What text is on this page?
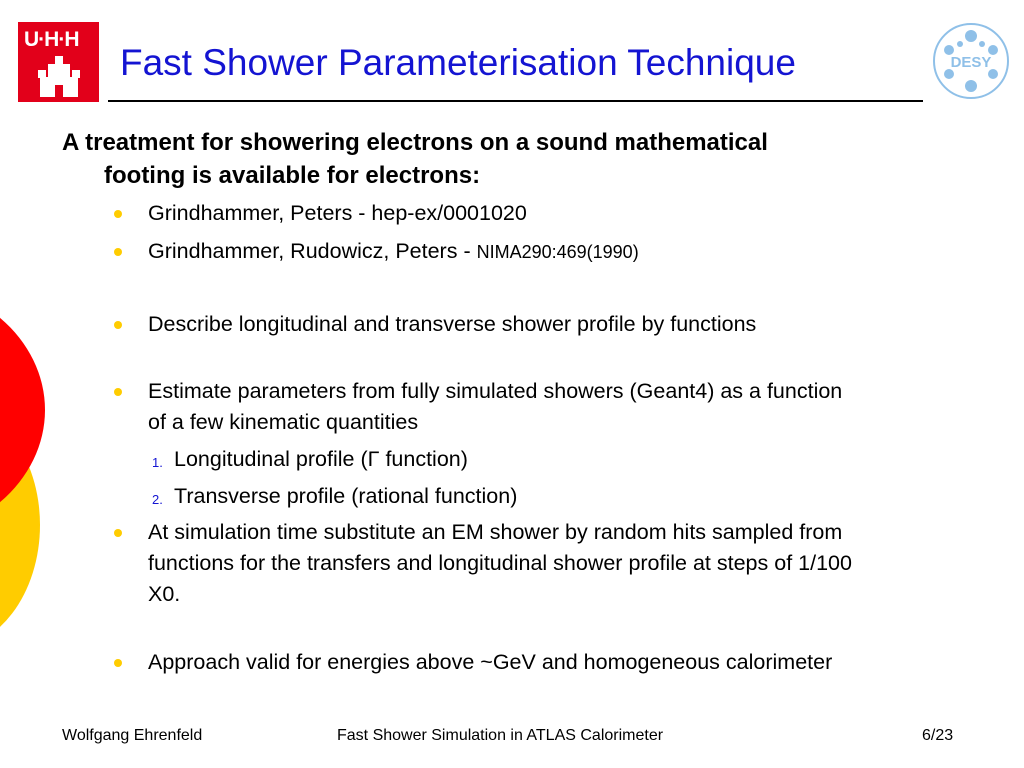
U·H·H
Fast Shower Parameterisation Technique	DESY
A treatment for showering electrons on a sound mathematical
footing is available for electrons:
Grindhammer, Peters - hep-ex/0001020
Grindhammer, Rudowicz, Peters - NIMA290:469(1990)
Describe longitudinal and transverse shower profile by functions
Estimate parameters from fully simulated showers (Geant4) as a function
of a few kinematic quantities
1. Longitudinal profile (Γ function)
2. Transverse profile (rational function)
At simulation time substitute an EM shower by random hits sampled from
functions for the transfers and longitudinal shower profile at steps of 1/100
X0.
Approach valid for energies above ~GeV and homogeneous calorimeter
Wolfgang Ehrenfeld	Fast Shower Simulation in ATLAS Calorimeter	6/23
